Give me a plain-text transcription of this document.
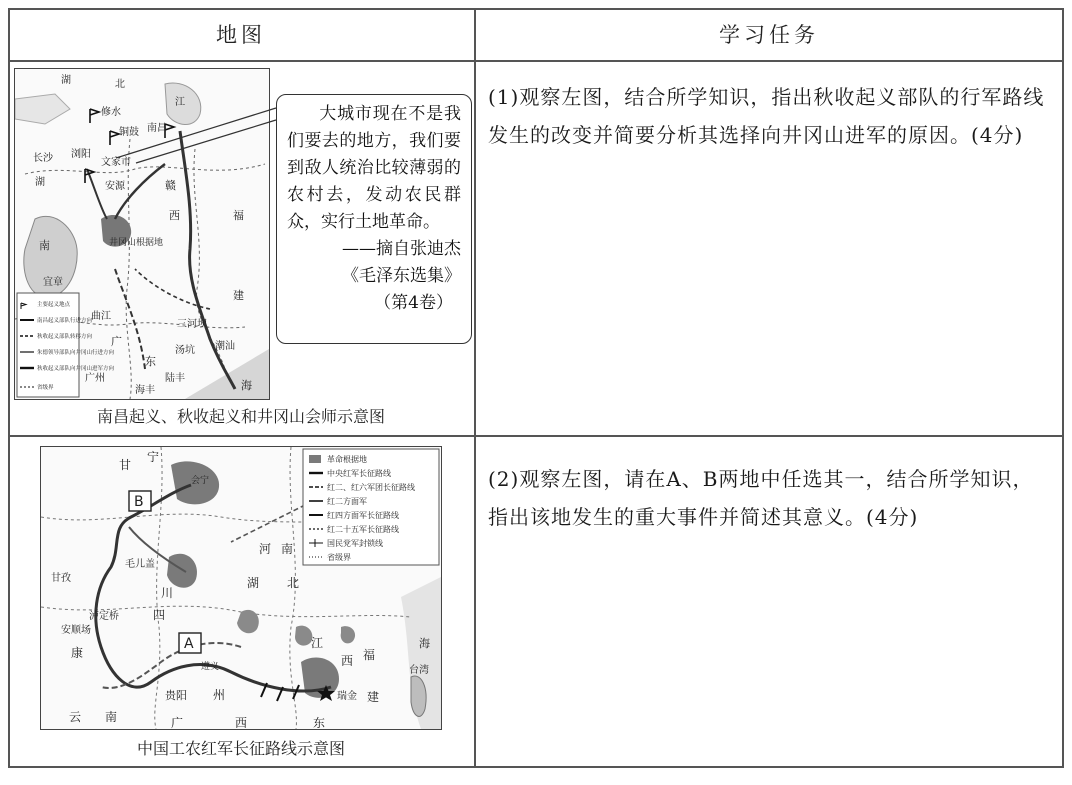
地图	学习任务
湖	北
修水
南昌
江
铜鼓
长沙 浏阳
文家市
湖	安源	赣
西	福
井冈山根据地
南
宜章
建
三河坝
曲江
广
东
汤坑 潮汕
陆丰
广州
海丰	海
主要起义地点
南昌起义部队行进方向
秋收起义部队转移方向
朱德领导部队向井冈山行进方向
秋收起义部队向井冈山进军方向
省级界
大城市现在不是我们要去的地方，我们要到敌人统治比较薄弱的农村去，发动农民群众，实行土地革命。
——摘自张迪杰
《毛泽东选集》
（第4卷）
南昌起义、秋收起义和井冈山会师示意图
(1)观察左图，结合所学知识，指出秋收起义部队的行军路线发生的改变并简要分析其选择向井冈山进军的原因。(4分)
B
A
革命根据地
中央红军长征路线
红二、红六军团长征路线
红二方面军
红四方面军长征路线
红二十五军长征路线
国民党军封锁线
省级界
甘
宁
会宁
甘孜
毛儿盖
川
四
河 南
湖 北
泸定桥
安顺场
康
江
西 福
建
贵阳 州	瑞金
云 南	广	西	东
台湾
海
遵义
中国工农红军长征路线示意图
(2)观察左图，请在A、B两地中任选其一，结合所学知识，指出该地发生的重大事件并简述其意义。(4分)
